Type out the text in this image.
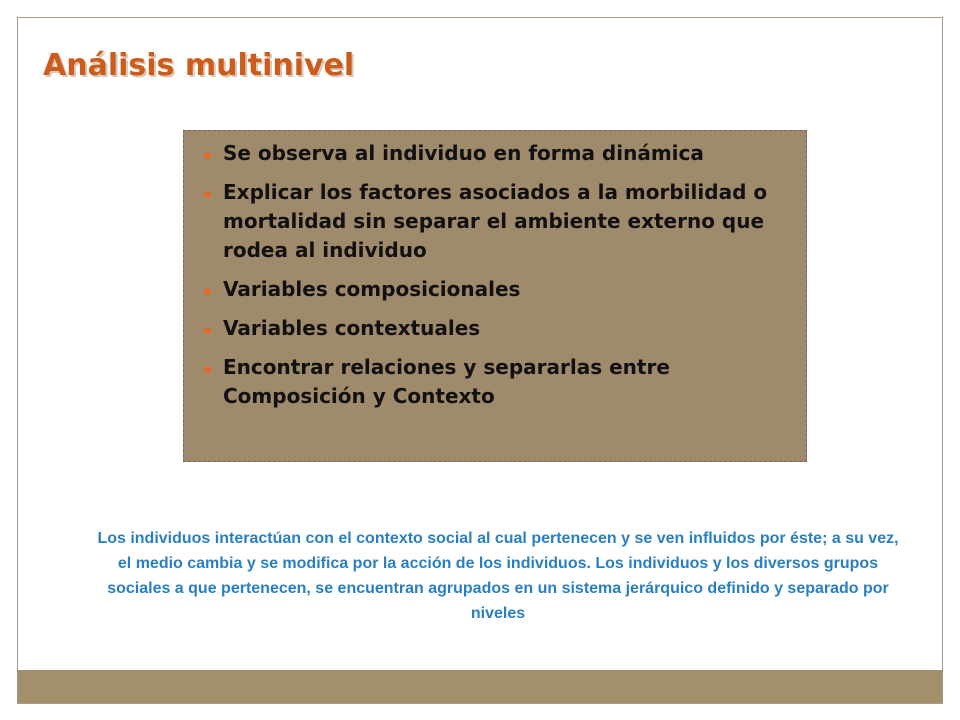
Análisis multinivel
Se observa al individuo en forma dinámica
Explicar los factores asociados a la morbilidad o mortalidad sin separar el ambiente externo que rodea al individuo
Variables composicionales
Variables contextuales
Encontrar relaciones y separarlas entre Composición y Contexto

Los individuos interactúan con el contexto social al cual pertenecen y se ven influidos por éste; a su vez, el medio cambia y se modifica por la acción de los individuos. Los individuos y los diversos grupos sociales a que pertenecen, se encuentran agrupados en un sistema jerárquico definido y separado por niveles
